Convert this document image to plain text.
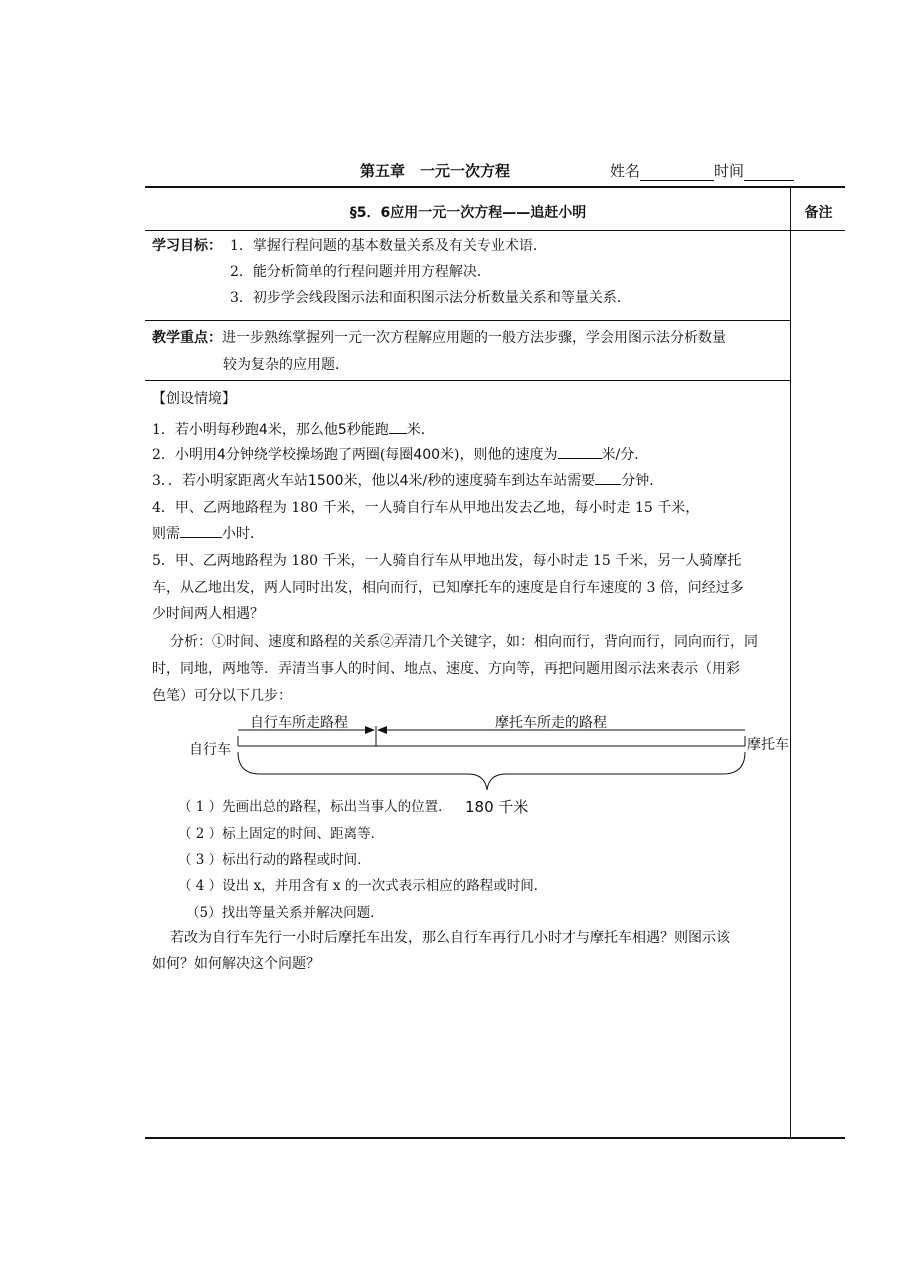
第五章　一元一次方程	姓名	时间
§5．6应用一元一次方程——追赶小明	备注
学习目标： 1．掌握行程问题的基本数量关系及有关专业术语．
2．能分析简单的行程问题并用方程解决．
3．初步学会线段图示法和面积图示法分析数量关系和等量关系．
教学重点：进一步熟练掌握列一元一次方程解应用题的一般方法步骤，学会用图示法分析数量
较为复杂的应用题．
【创设情境】
1．若小明每秒跑4米，那么他5秒能跑 米．
2．小明用4分钟绕学校操场跑了两圈(每圈400米)，则他的速度为	米/分．
3．．若小明家距离火车站1500米，他以4米/秒的速度骑车到达车站需要 分钟．
4．甲、乙两地路程为 180 千米，一人骑自行车从甲地出发去乙地，每小时走 15 千米，
则需	小时．
5．甲、乙两地路程为 180 千米，一人骑自行车从甲地出发，每小时走 15 千米，另一人骑摩托
车，从乙地出发，两人同时出发，相向而行，已知摩托车的速度是自行车速度的 3 倍，问经过多
少时间两人相遇？
分析：①时间、速度和路程的关系②弄清几个关键字，如：相向而行，背向而行，同向而行，同
时，同地，两地等．弄清当事人的时间、地点、速度、方向等，再把问题用图示法来表示（用彩
色笔）可分以下几步：
自行车	摩托车
自行车所走路程	摩托车所走的路程
180 千米
（ 1 ）先画出总的路程，标出当事人的位置．
（ 2 ）标上固定的时间、距离等．
（ 3 ）标出行动的路程或时间．
（ 4 ）设出 x，并用含有 x 的一次式表示相应的路程或时间．
（5）找出等量关系并解决问题．
若改为自行车先行一小时后摩托车出发，那么自行车再行几小时才与摩托车相遇？则图示该
如何？如何解决这个问题？
